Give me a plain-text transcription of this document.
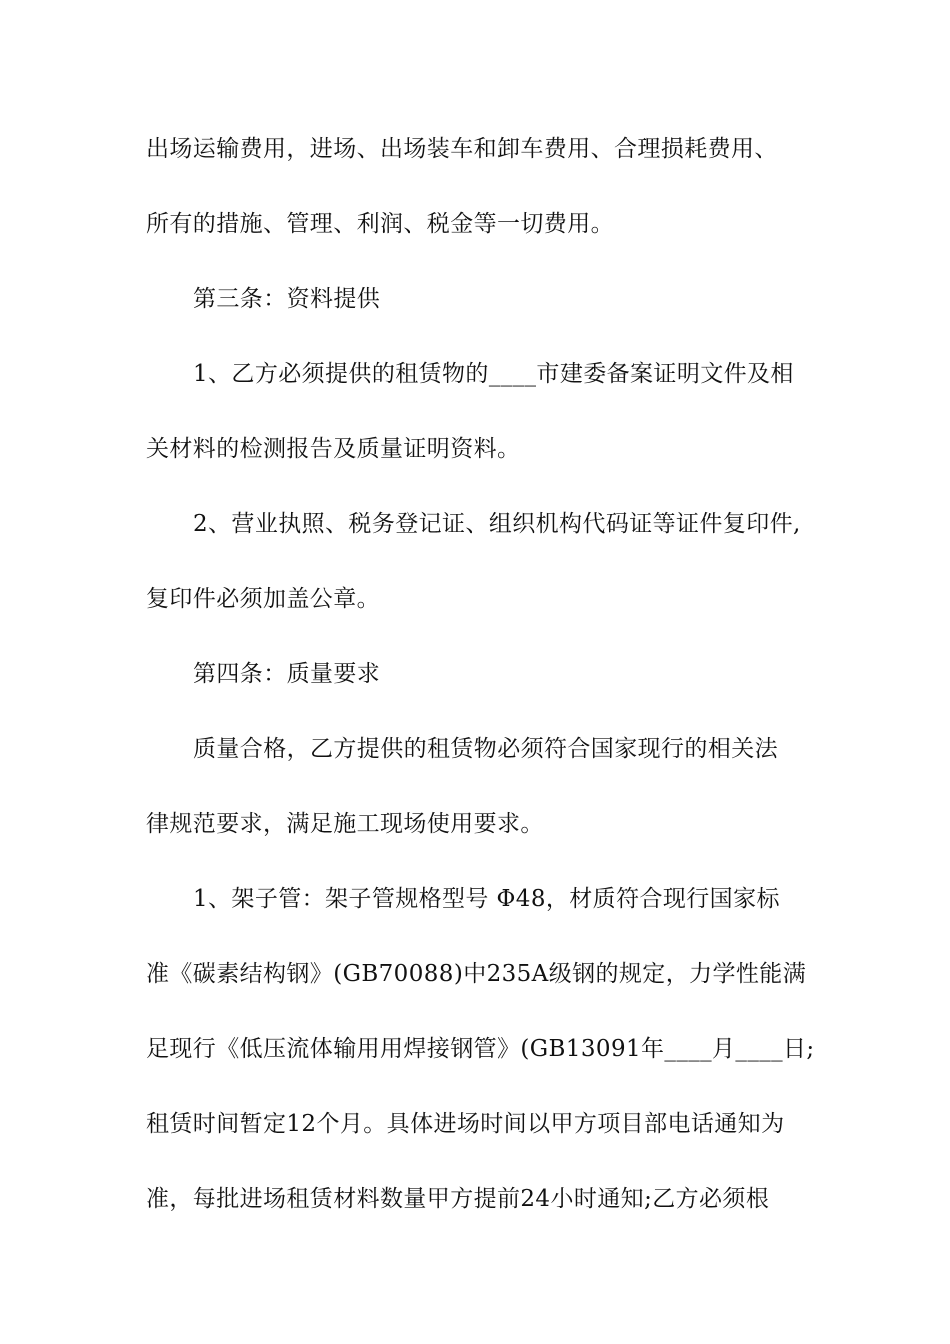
出场运输费用，进场、出场装车和卸车费用、合理损耗费用、
所有的措施、管理、利润、税金等一切费用。
第三条：资料提供
1、乙方必须提供的租赁物的____市建委备案证明文件及相
关材料的检测报告及质量证明资料。
2、营业执照、税务登记证、组织机构代码证等证件复印件,
复印件必须加盖公章。
第四条：质量要求
质量合格，乙方提供的租赁物必须符合国家现行的相关法
律规范要求，满足施工现场使用要求。
1、架子管：架子管规格型号 Φ48，材质符合现行国家标
准《碳素结构钢》(GB70088)中235A级钢的规定，力学性能满
足现行《低压流体输用用焊接钢管》(GB13091年____月____日;
租赁时间暂定12个月。具体进场时间以甲方项目部电话通知为
准，每批进场租赁材料数量甲方提前24小时通知;乙方必须根
